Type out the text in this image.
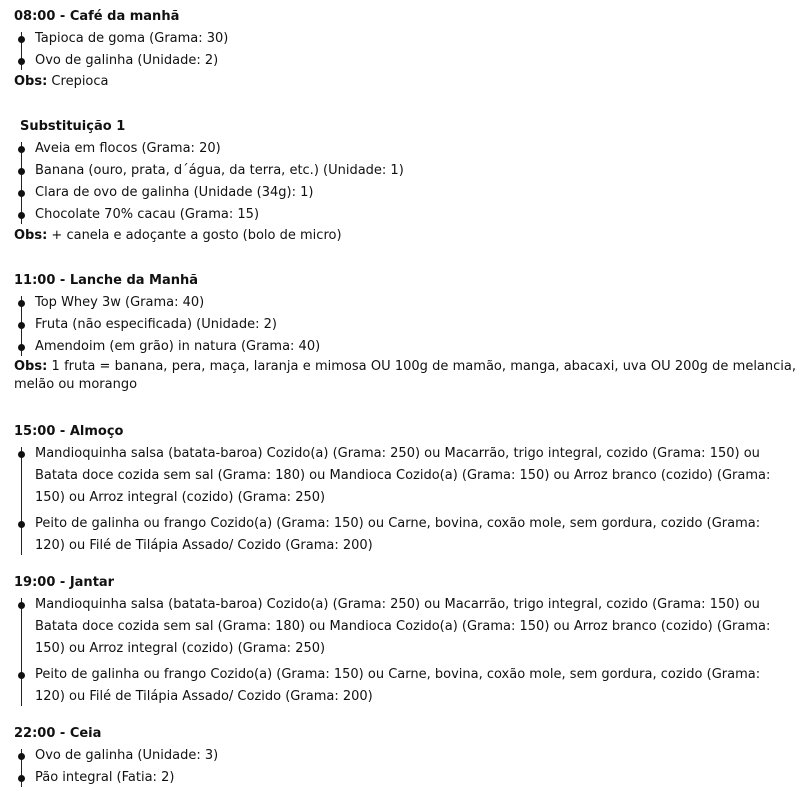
08:00 - Café da manhã
Tapioca de goma (Grama: 30)
Ovo de galinha (Unidade: 2)
Obs: Crepioca
Substituição 1
Aveia em flocos (Grama: 20)
Banana (ouro, prata, d´água, da terra, etc.) (Unidade: 1)
Clara de ovo de galinha (Unidade (34g): 1)
Chocolate 70% cacau (Grama: 15)
Obs: + canela e adoçante a gosto (bolo de micro)
11:00 - Lanche da Manhã
Top Whey 3w (Grama: 40)
Fruta (não especificada) (Unidade: 2)
Amendoim (em grão) in natura (Grama: 40)
Obs: 1 fruta = banana, pera, maça, laranja e mimosa OU 100g de mamão, manga, abacaxi, uva OU 200g de melancia, melão ou morango
15:00 - Almoço
Mandioquinha salsa (batata-baroa) Cozido(a) (Grama: 250) ou Macarrão, trigo integral, cozido (Grama: 150) ou Batata doce cozida sem sal (Grama: 180) ou Mandioca Cozido(a) (Grama: 150) ou Arroz branco (cozido) (Grama: 150) ou Arroz integral (cozido) (Grama: 250)
Peito de galinha ou frango Cozido(a) (Grama: 150) ou Carne, bovina, coxão mole, sem gordura, cozido (Grama: 120) ou Filé de Tilápia Assado/ Cozido (Grama: 200)
19:00 - Jantar
Mandioquinha salsa (batata-baroa) Cozido(a) (Grama: 250) ou Macarrão, trigo integral, cozido (Grama: 150) ou Batata doce cozida sem sal (Grama: 180) ou Mandioca Cozido(a) (Grama: 150) ou Arroz branco (cozido) (Grama: 150) ou Arroz integral (cozido) (Grama: 250)
Peito de galinha ou frango Cozido(a) (Grama: 150) ou Carne, bovina, coxão mole, sem gordura, cozido (Grama: 120) ou Filé de Tilápia Assado/ Cozido (Grama: 200)
22:00 - Ceia
Ovo de galinha (Unidade: 3)
Pão integral (Fatia: 2)
